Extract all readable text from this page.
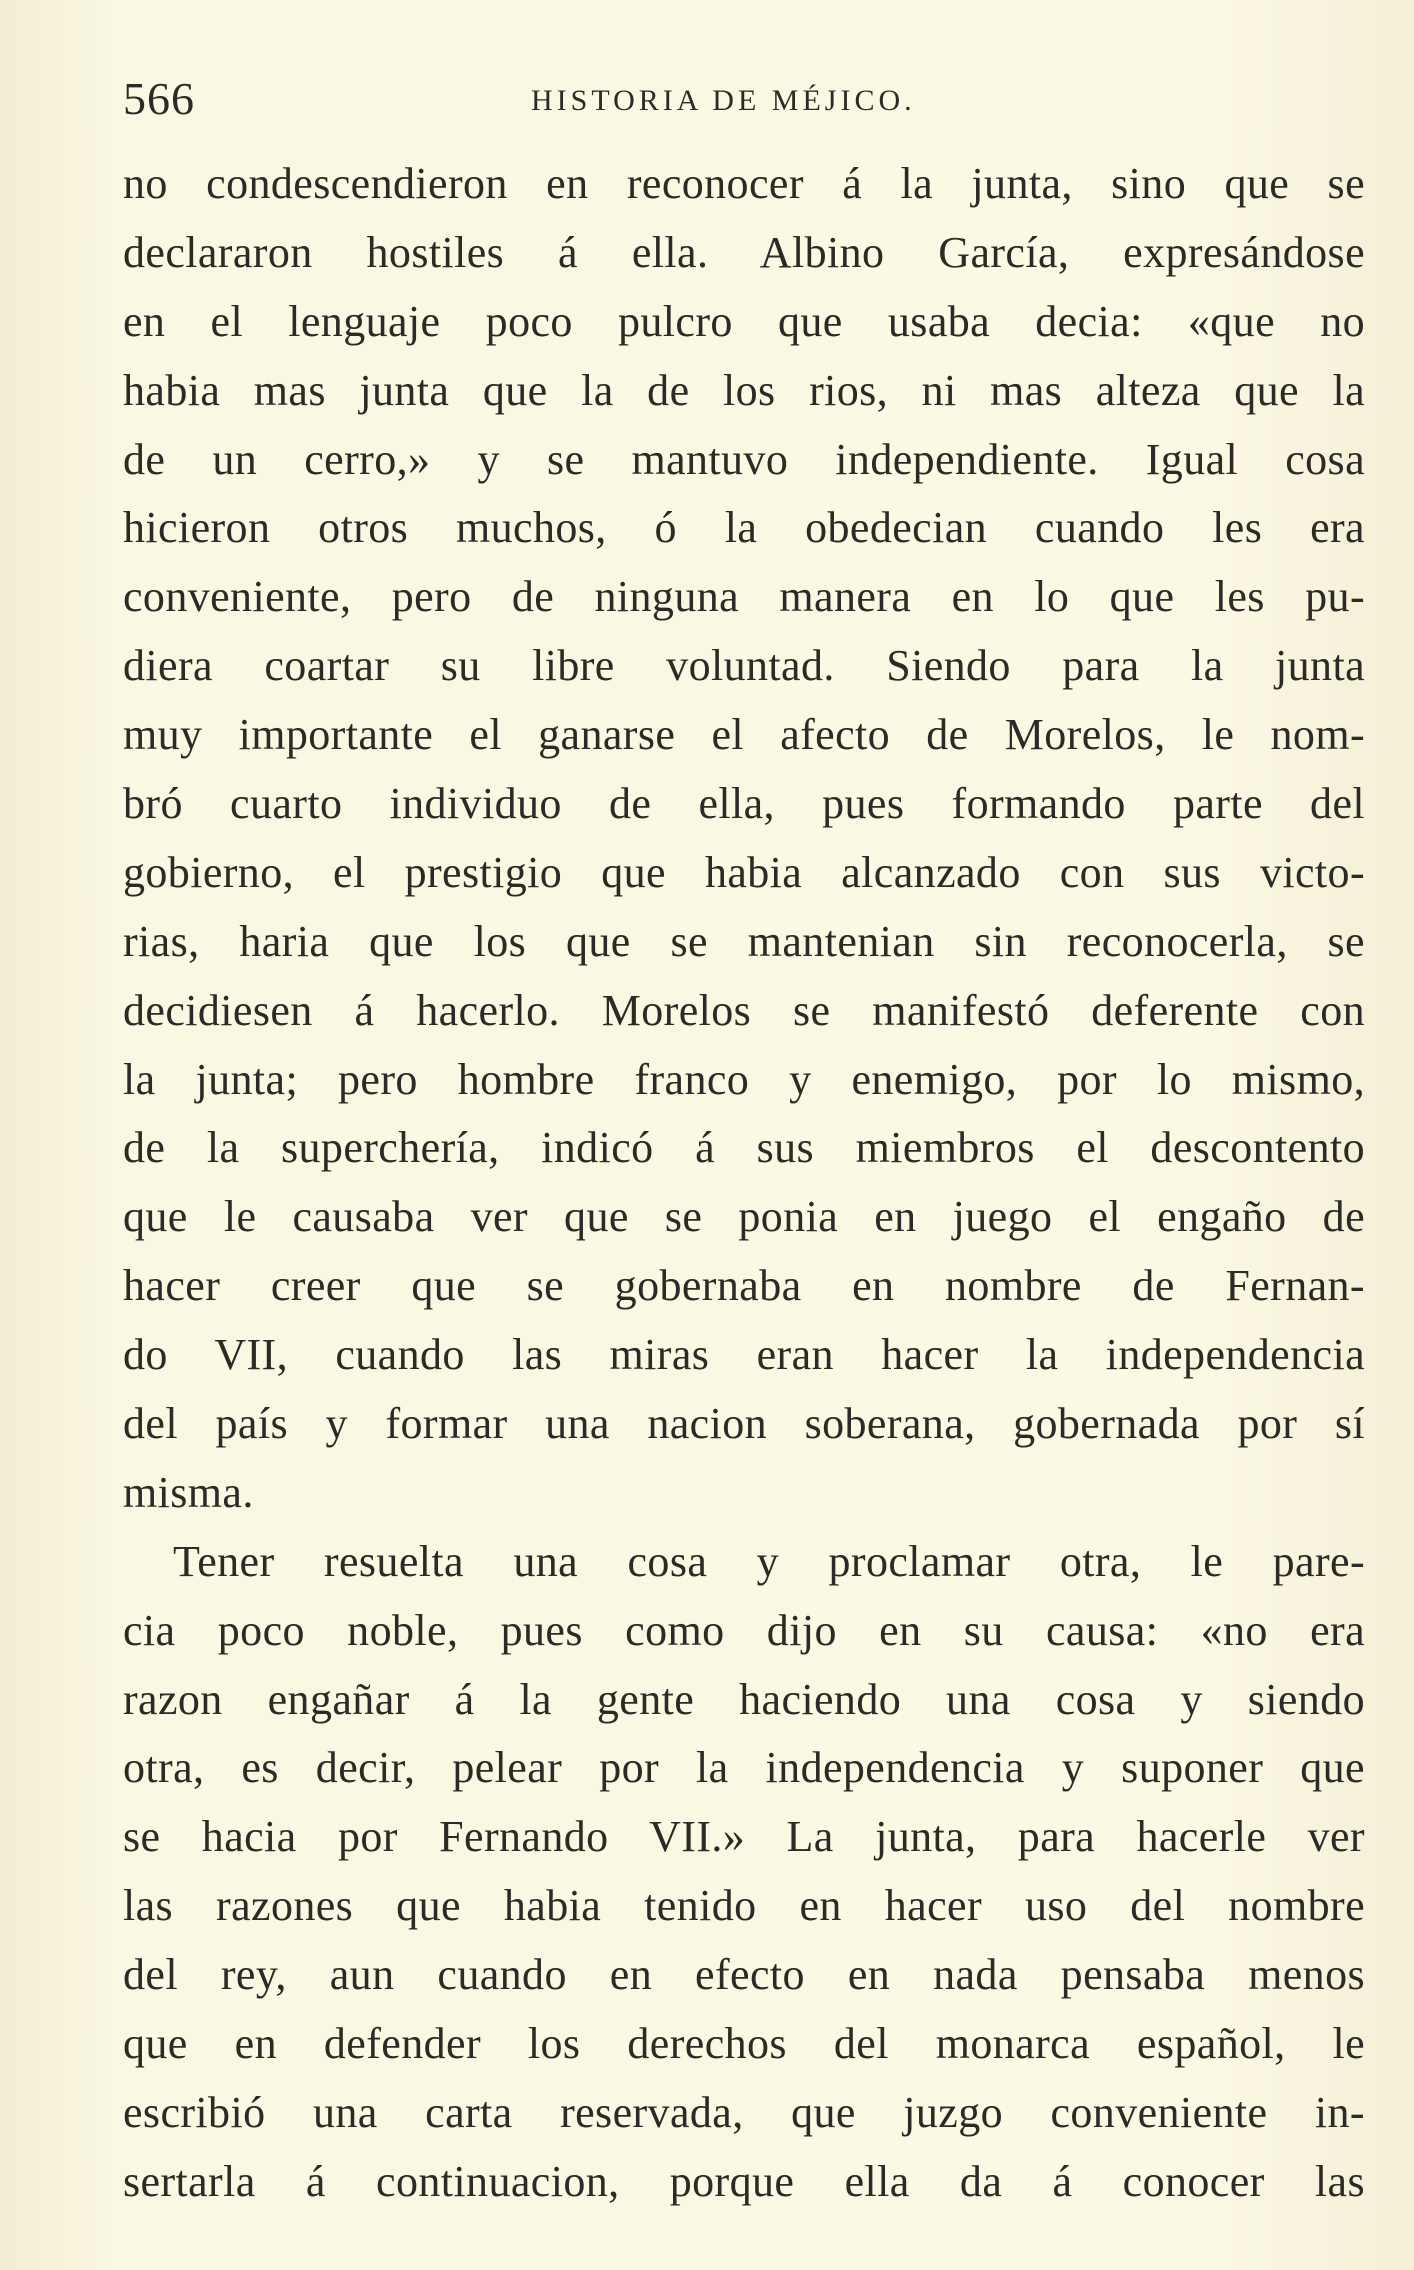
566	HISTORIA DE MÉJICO.
no condescendieron en reconocer á la junta, sino que se
declararon hostiles á ella. Albino García, expresándose
en el lenguaje poco pulcro que usaba decia: «que no
habia mas junta que la de los rios, ni mas alteza que la
de un cerro,» y se mantuvo independiente. Igual cosa
hicieron otros muchos, ó la obedecian cuando les era
conveniente, pero de ninguna manera en lo que les pu-
diera coartar su libre voluntad. Siendo para la junta
muy importante el ganarse el afecto de Morelos, le nom-
bró cuarto individuo de ella, pues formando parte del
gobierno, el prestigio que habia alcanzado con sus victo-
rias, haria que los que se mantenian sin reconocerla, se
decidiesen á hacerlo. Morelos se manifestó deferente con
la junta; pero hombre franco y enemigo, por lo mismo,
de la superchería, indicó á sus miembros el descontento
que le causaba ver que se ponia en juego el engaño de
hacer creer que se gobernaba en nombre de Fernan-
do VII, cuando las miras eran hacer la independencia
del país y formar una nacion soberana, gobernada por sí
misma.
Tener resuelta una cosa y proclamar otra, le pare-
cia poco noble, pues como dijo en su causa: «no era
razon engañar á la gente haciendo una cosa y siendo
otra, es decir, pelear por la independencia y suponer que
se hacia por Fernando VII.» La junta, para hacerle ver
las razones que habia tenido en hacer uso del nombre
del rey, aun cuando en efecto en nada pensaba menos
que en defender los derechos del monarca español, le
escribió una carta reservada, que juzgo conveniente in-
sertarla á continuacion, porque ella da á conocer las
